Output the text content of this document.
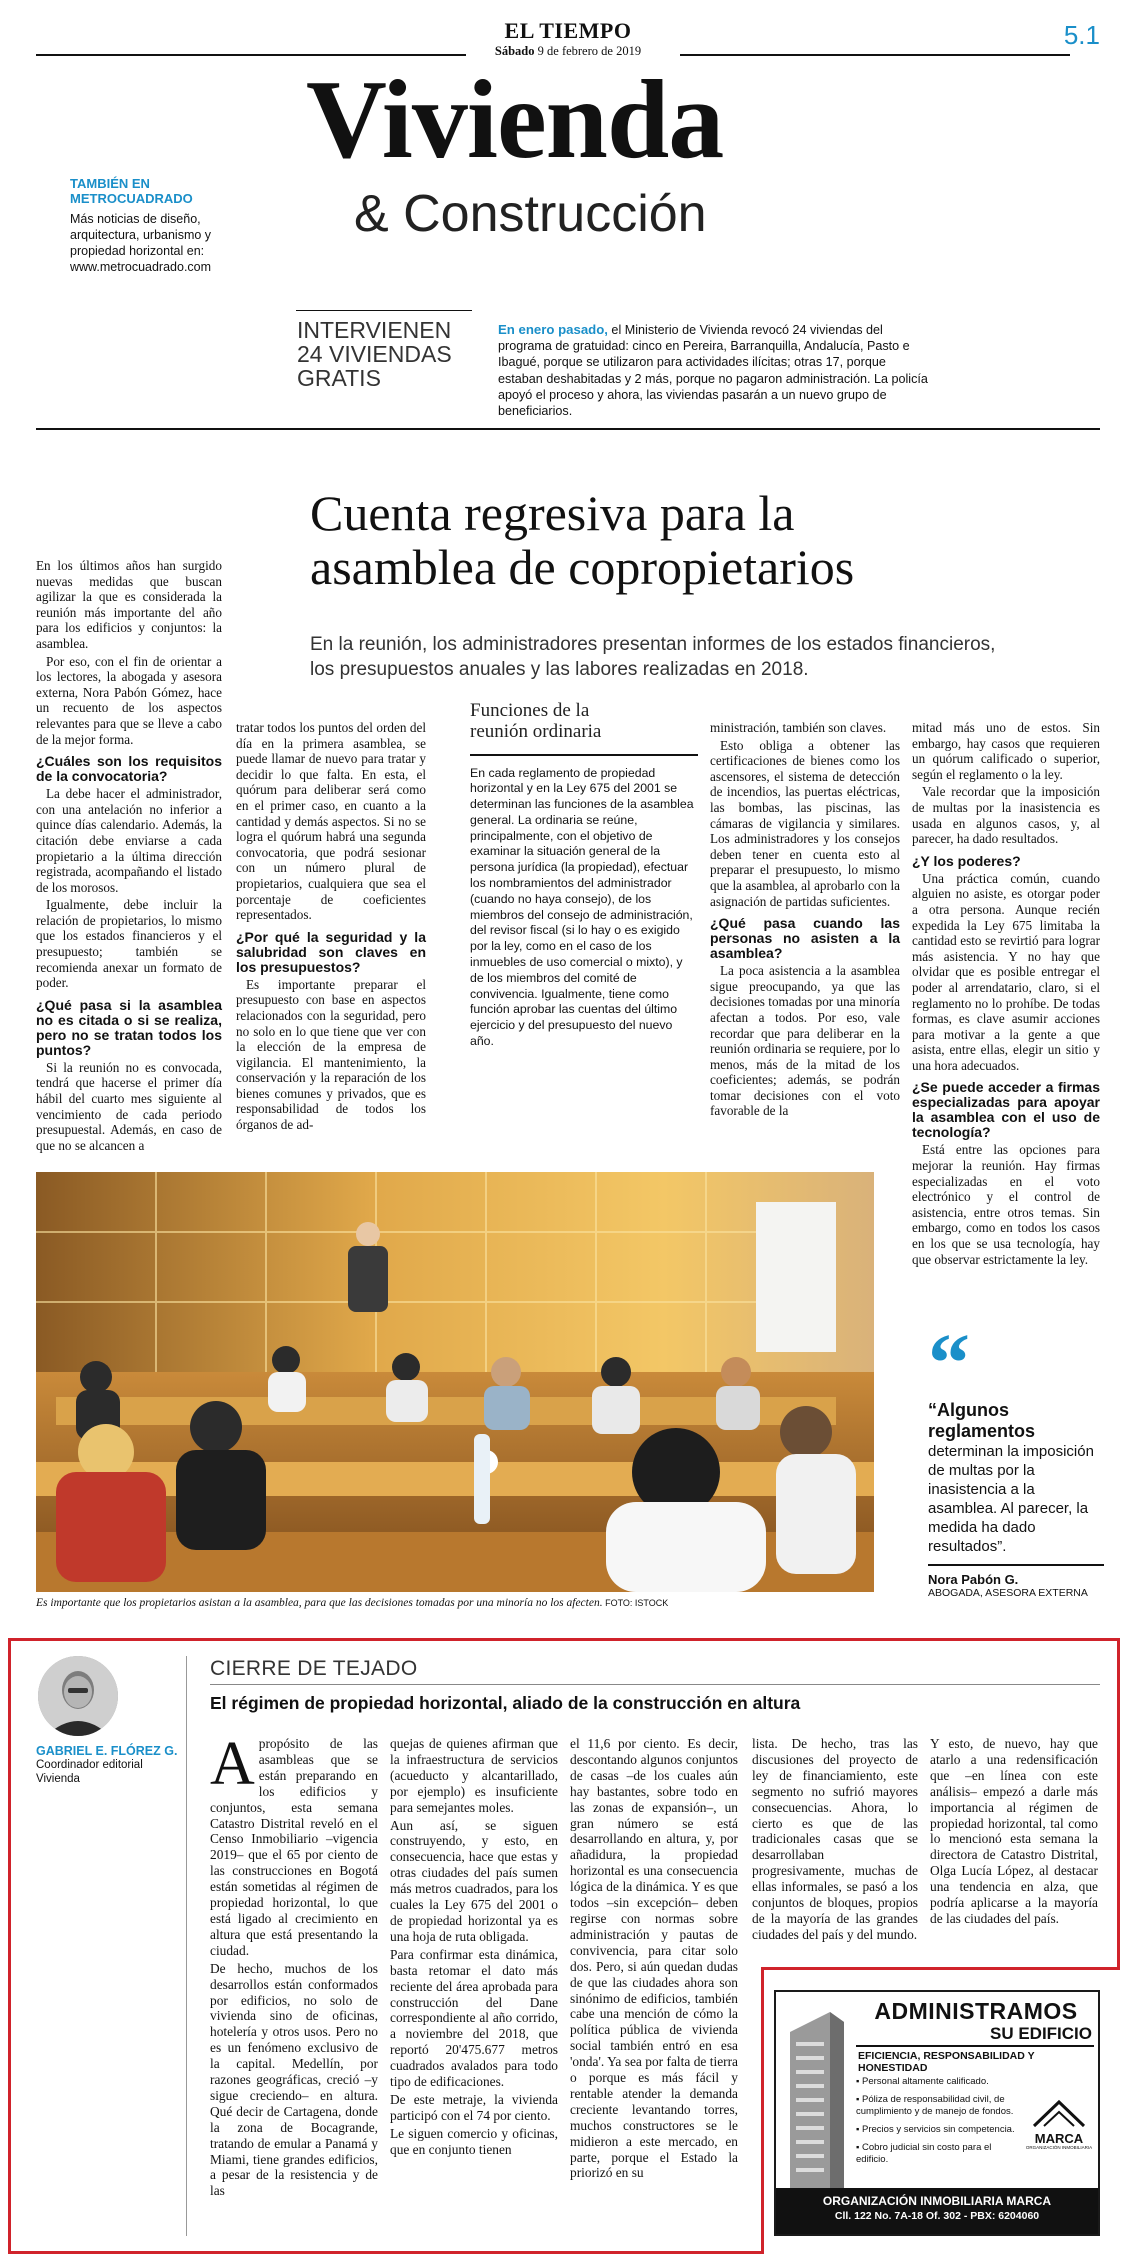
EL TIEMPO
Sábado 9 de febrero de 2019
5.1
Vivienda
& Construcción
TAMBIÉN EN
METROCUADRADO
Más noticias de diseño, arquitectura, urbanismo y propiedad horizontal en: www.metrocuadrado.com
INTERVIENEN
24 VIVIENDAS
GRATIS
En enero pasado, el Ministerio de Vivienda revocó 24 viviendas del programa de gratuidad: cinco en Pereira, Barranquilla, Andalucía, Pasto e Ibagué, porque se utilizaron para actividades ilícitas; otras 17, porque estaban deshabitadas y 2 más, porque no pagaron administración. La policía apoyó el proceso y ahora, las viviendas pasarán a un nuevo grupo de beneficiarios.
Cuenta regresiva para la
asamblea de copropietarios
En la reunión, los administradores presentan informes de los estados financieros, los presupuestos anuales y las labores realizadas en 2018.

En los últimos años han surgido nuevas medidas que buscan agilizar la que es considerada la reunión más importante del año para los edificios y conjuntos: la asamblea.

Por eso, con el fin de orientar a los lectores, la abogada y asesora externa, Nora Pabón Gómez, hace un recuento de los aspectos relevantes para que se lleve a cabo de la mejor forma.

¿Cuáles son los requisitos de la convocatoria?

La debe hacer el administrador, con una antelación no inferior a quince días calendario. Además, la citación debe enviarse a cada propietario a la última dirección registrada, acompañando el listado de los morosos.

Igualmente, debe incluir la relación de propietarios, lo mismo que los estados financieros y el presupuesto; también se recomienda anexar un formato de poder.

¿Qué pasa si la asamblea no es citada o si se realiza, pero no se tratan todos los puntos?

Si la reunión no es convocada, tendrá que hacerse el primer día hábil del cuarto mes siguiente al vencimiento de cada periodo presupuestal. Además, en caso de que no se alcancen a

tratar todos los puntos del orden del día en la primera asamblea, se puede llamar de nuevo para tratar y decidir lo que falta. En esta, el quórum para deliberar será como en el primer caso, en cuanto a la cantidad y demás aspectos. Si no se logra el quórum habrá una segunda convocatoria, que podrá sesionar con un número plural de propietarios, cualquiera que sea el porcentaje de coeficientes representados.

¿Por qué la seguridad y la salubridad son claves en los presupuestos?

Es importante preparar el presupuesto con base en aspectos relacionados con la seguridad, pero no solo en lo que tiene que ver con la elección de la empresa de vigilancia. El mantenimiento, la conservación y la reparación de los bienes comunes y privados, que es responsabilidad de todos los órganos de ad-

Funciones de la
reunión ordinaria
En cada reglamento de propiedad horizontal y en la Ley 675 del 2001 se determinan las funciones de la asamblea general. La ordinaria se reúne, principalmente, con el objetivo de examinar la situación general de la persona jurídica (la propiedad), efectuar los nombramientos del administrador (cuando no haya consejo), de los miembros del consejo de administración, del revisor fiscal (si lo hay o es exigido por la ley, como en el caso de los inmuebles de uso comercial o mixto), y de los miembros del comité de convivencia. Igualmente, tiene como función aprobar las cuentas del último ejercicio y del presupuesto del nuevo año.

ministración, también son claves.

Esto obliga a obtener las certificaciones de bienes como los ascensores, el sistema de detección de incendios, las puertas eléctricas, las bombas, las piscinas, las cámaras de vigilancia y similares. Los administradores y los consejos deben tener en cuenta esto al preparar el presupuesto, lo mismo que la asamblea, al aprobarlo con la asignación de partidas suficientes.

¿Qué pasa cuando las personas no asisten a la asamblea?

La poca asistencia a la asamblea sigue preocupando, ya que las decisiones tomadas por una minoría afectan a todos. Por eso, vale recordar que para deliberar en la reunión ordinaria se requiere, por lo menos, más de la mitad de los coeficientes; además, se podrán tomar decisiones con el voto favorable de la

mitad más uno de estos. Sin embargo, hay casos que requieren un quórum calificado o superior, según el reglamento o la ley.

Vale recordar que la imposición de multas por la inasistencia es usada en algunos casos, y, al parecer, ha dado resultados.

¿Y los poderes?

Una práctica común, cuando alguien no asiste, es otorgar poder a otra persona. Aunque recién expedida la Ley 675 limitaba la cantidad esto se revirtió para lograr más asistencia. Y no hay que olvidar que es posible entregar el poder al arrendatario, claro, si el reglamento no lo prohíbe. De todas formas, es clave asumir acciones para motivar a la gente a que asista, entre ellas, elegir un sitio y una hora adecuados.

¿Se puede acceder a firmas especializadas para apoyar la asamblea con el uso de tecnología?

Está entre las opciones para mejorar la reunión. Hay firmas especializadas en el voto electrónico y el control de asistencia, entre otros temas. Sin embargo, como en todos los casos en los que se usa tecnología, hay que observar estrictamente la ley.

Es importante que los propietarios asistan a la asamblea, para que las decisiones tomadas por una minoría no los afecten. FOTO: ISTOCK
“
“Algunos reglamentos determinan la imposición de multas por la inasistencia a la asamblea. Al parecer, la medida ha dado resultados”.
Nora Pabón G.
ABOGADA, ASESORA EXTERNA
GABRIEL E. FLÓREZ G.
Coordinador editorial
Vivienda
CIERRE DE TEJADO
El régimen de propiedad horizontal, aliado de la construcción en altura
A propósito de las asambleas que se están preparando en los edificios y conjuntos, esta semana Catastro Distrital reveló en el Censo Inmobiliario –vigencia 2019– que el 65 por ciento de las construcciones en Bogotá están sometidas al régimen de propiedad horizontal, lo que está ligado al crecimiento en altura que está presentando la ciudad.

De hecho, muchos de los desarrollos están conformados por edificios, no solo de vivienda sino de oficinas, hotelería y otros usos. Pero no es un fenómeno exclusivo de la capital. Medellín, por razones geográficas, creció –y sigue creciendo– en altura. Qué decir de Cartagena, donde la zona de Bocagrande, tratando de emular a Panamá y Miami, tiene grandes edificios, a pesar de la resistencia y de las

quejas de quienes afirman que la infraestructura de servicios (acueducto y alcantarillado, por ejemplo) es insuficiente para semejantes moles.

Aun así, se siguen construyendo, y esto, en consecuencia, hace que estas y otras ciudades del país sumen más metros cuadrados, para los cuales la Ley 675 del 2001 o de propiedad horizontal ya es una hoja de ruta obligada.

Para confirmar esta dinámica, basta retomar el dato más reciente del área aprobada para construcción del Dane correspondiente al año corrido, a noviembre del 2018, que reportó 20'475.677 metros cuadrados avalados para todo tipo de edificaciones.

De este metraje, la vivienda participó con el 74 por ciento.

Le siguen comercio y oficinas, que en conjunto tienen

el 11,6 por ciento. Es decir, descontando algunos conjuntos de casas –de los cuales aún hay bastantes, sobre todo en las zonas de expansión–, un gran número se está desarrollando en altura, y, por añadidura, la propiedad horizontal es una consecuencia lógica de la dinámica. Y es que todos –sin excepción– deben regirse con normas sobre administración y pautas de convivencia, para citar solo dos. Pero, si aún quedan dudas de que las ciudades ahora son sinónimo de edificios, también cabe una mención de cómo la política pública de vivienda social también entró en esa 'onda'. Ya sea por falta de tierra o porque es más fácil y rentable atender la demanda creciente levantando torres, muchos constructores se le midieron a este mercado, en parte, porque el Estado la priorizó en su

lista. De hecho, tras las discusiones del proyecto de ley de financiamiento, este segmento no sufrió mayores consecuencias. Ahora, lo cierto es que de las tradicionales casas que se desarrollaban progresivamente, muchas de ellas informales, se pasó a los conjuntos de bloques, propios de la mayoría de las grandes ciudades del país y del mundo.

Y esto, de nuevo, hay que atarlo a una redensificación que –en línea con este análisis– empezó a darle más importancia al régimen de propiedad horizontal, tal como lo mencionó esta semana la directora de Catastro Distrital, Olga Lucía López, al destacar una tendencia en alza, que podría aplicarse a la mayoría de las ciudades del país.

ADMINISTRAMOS
SU EDIFICIO
EFICIENCIA, RESPONSABILIDAD Y HONESTIDAD
▪ Personal altamente calificado.
▪ Póliza de responsabilidad civil, de cumplimiento y de manejo de fondos.
▪ Precios y servicios sin competencia.
▪ Cobro judicial sin costo para el edificio.
MARCA
ORGANIZACIÓN INMOBILIARIA
ORGANIZACIÓN INMOBILIARIA MARCA
Cll. 122 No. 7A-18 Of. 302 - PBX: 6204060
